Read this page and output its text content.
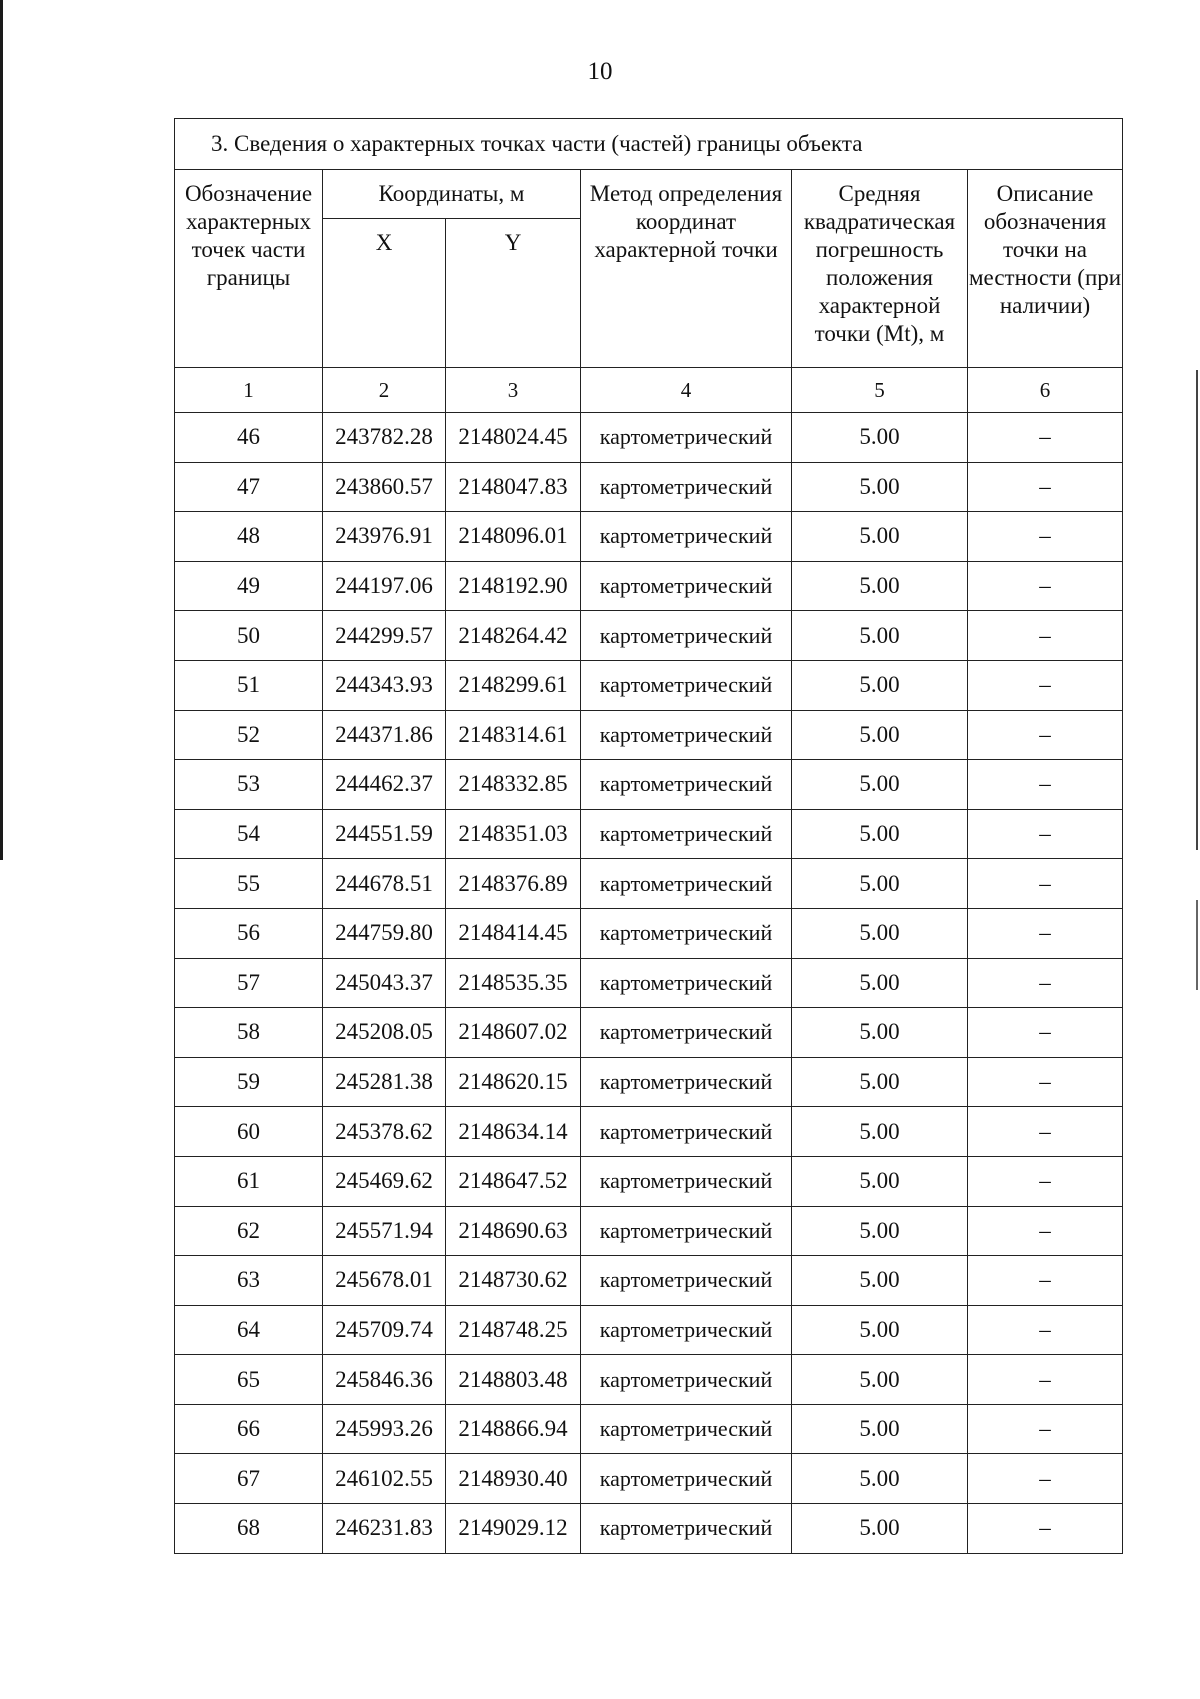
10
3. Сведения о характерных точках части (частей) границы объекта					
Обозначение характерных точек части границы	Координаты, м		Метод определения координат характерной точки	Средняя квадратическая погрешность положения характерной точки (Mt), м	Описание обозначения точки на местности (при наличии)
	X	Y			
1	2	3	4	5	6
46	243782.28	2148024.45	картометрический	5.00	–
47	243860.57	2148047.83	картометрический	5.00	–
48	243976.91	2148096.01	картометрический	5.00	–
49	244197.06	2148192.90	картометрический	5.00	–
50	244299.57	2148264.42	картометрический	5.00	–
51	244343.93	2148299.61	картометрический	5.00	–
52	244371.86	2148314.61	картометрический	5.00	–
53	244462.37	2148332.85	картометрический	5.00	–
54	244551.59	2148351.03	картометрический	5.00	–
55	244678.51	2148376.89	картометрический	5.00	–
56	244759.80	2148414.45	картометрический	5.00	–
57	245043.37	2148535.35	картометрический	5.00	–
58	245208.05	2148607.02	картометрический	5.00	–
59	245281.38	2148620.15	картометрический	5.00	–
60	245378.62	2148634.14	картометрический	5.00	–
61	245469.62	2148647.52	картометрический	5.00	–
62	245571.94	2148690.63	картометрический	5.00	–
63	245678.01	2148730.62	картометрический	5.00	–
64	245709.74	2148748.25	картометрический	5.00	–
65	245846.36	2148803.48	картометрический	5.00	–
66	245993.26	2148866.94	картометрический	5.00	–
67	246102.55	2148930.40	картометрический	5.00	–
68	246231.83	2149029.12	картометрический	5.00	–
